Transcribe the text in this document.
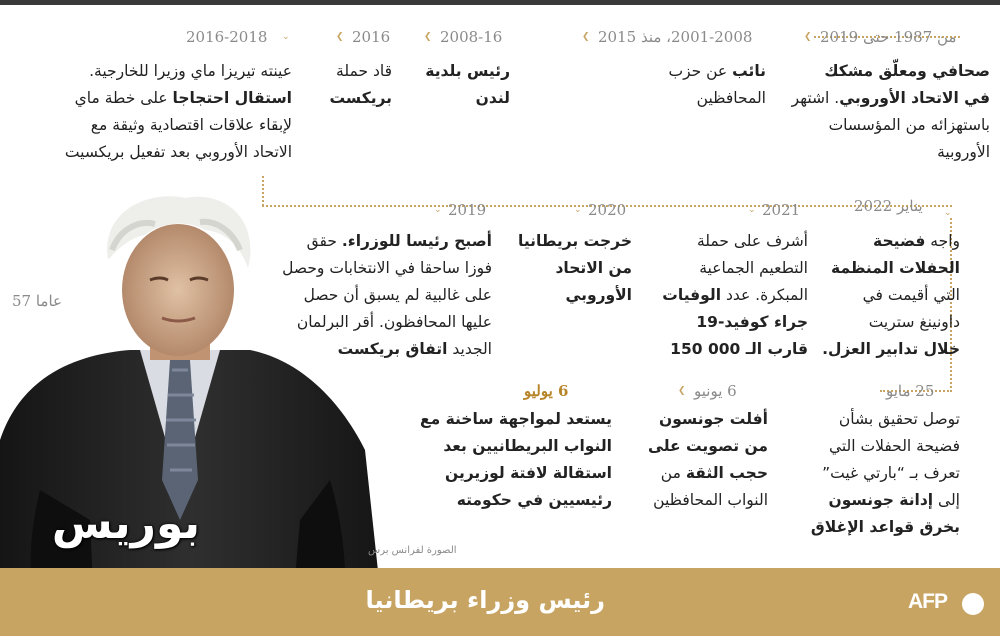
من 1987 حتى 2019
❮
صحافي ومعلّق مشكك
في الاتحاد الأوروبي. اشتهر
باستهزائه من المؤسسات
الأوروبية
2001-2008، منذ 2015
❮
نائب عن حزب
المحافظين
2008-16
❮
رئيس بلدية
لندن
2016
❮
قاد حملة
بريكست
2016-2018 ⌄
عينته تيريزا ماي وزيرا للخارجية.
استقال احتجاجا على خطة ماي
لإبقاء علاقات اقتصادية وثيقة مع
الاتحاد الأوروبي بعد تفعيل بريكسيت
يناير 2022 ⌄
واجه فضيحة
الحفلات المنظمة
التي أقيمت في
داونينغ ستريت
خلال تدابير العزل.
2021
⌄
أشرف على حملة
التطعيم الجماعية
المبكرة. عدد الوفيات
جراء كوفيد-19
قارب الـ 000 150
2020
⌄
خرجت بريطانيا
من الاتحاد
الأوروبي
2019
⌄
أصبح رئيسا للوزراء. حقق
فوزا ساحقا في الانتخابات وحصل
على غالبية لم يسبق أن حصل
عليها المحافظون. أقر البرلمان
الجديد اتفاق بريكست
25 مايو
توصل تحقيق بشأن
فضيحة الحفلات التي
تعرف بـ “بارتي غيت”
إلى إدانة جونسون
بخرق قواعد الإغلاق
6 يونيو
❮
أفلت جونسون
من تصويت على
حجب الثقة من
النواب المحافظين
6 يوليو
يستعد لمواجهة ساخنة مع
النواب البريطانيين بعد
استقالة لافتة لوزيرين
رئيسيين في حكومته
57 عاما
بوريس
الصورة لفرانس برس
رئيس وزراء بريطانيا	AFP
